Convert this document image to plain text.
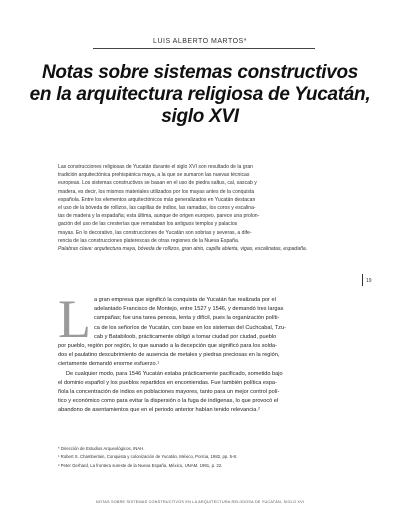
LUIS ALBERTO MARTOS*
Notas sobre sistemas constructivos
en la arquitectura religiosa de Yucatán,
siglo XVI
Las construcciones religiosas de Yucatán durante el siglo XVI son resultado de la gran
tradición arquitectónica prehispánica maya, a la que se sumaron las nuevas técnicas
europeas. Los sistemas constructivos se basan en el uso de piedra saltus, cal, sascab y
madera, es decir, los mismos materiales utilizados por los mayas antes de la conquista
española. Entre los elementos arquitectónicos más generalizados en Yucatán destacan
el uso de la bóveda de rollizos, las capillas de indios, las ramadas, los coros y escalina-
tas de madera y la espadaña; esta última, aunque de origen europeo, parece una prolon-
gación del uso de las cresterías que remataban los antiguos templos y palacios
mayas. En lo decorativo, las construcciones de Yucatán son sobrias y severas, a dife-
rencia de las construcciones platerescas de otras regiones de la Nueva España.
Palabras clave: arquitectura maya, bóveda de rollizos, gran atrio, capilla abierta, vigas, escalinatas, espadaña.
19
L a gran empresa que significó la conquista de Yucatán fue realizada por el
adelantado Francisco de Montejo, entre 1527 y 1546, y demandó tres largas
campañas; fue una tarea penosa, lenta y difícil, pues la organización políti-
ca de los señoríos de Yucatán, con base en los sistemas del Cuchcabal, Tzu-
cab y Batabiloob, prácticamente obligó a tomar ciudad por ciudad, pueblo
por pueblo, región por región, lo que aunado a la decepción que significó para los solda-
dos el paulatino descubrimiento de ausencia de metales y piedras preciosas en la región,
ciertamente demandó enorme esfuerzo.¹
De cualquier modo, para 1546 Yucatán estaba prácticamente pacificado, sometido bajo
el dominio español y los pueblos repartidos en encomiendas. Fue también política espa-
ñola la concentración de indios en poblaciones mayores, tanto para un mejor control polí-
tico y económico como para evitar la dispersión o la fuga de indígenas, lo que provocó el
abandono de asentamientos que en el periodo anterior habían tenido relevancia.²
* Dirección de Estudios Arqueológicos, INAH.
¹ Robert S. Chamberlain, Conquista y colonización de Yucatán, México, Porrúa, 1982, pp. 5-8.
² Peter Gerhard, La frontera sureste de la Nueva España, México, UNAM, 1991, p. 22.
NOTAS SOBRE SISTEMAS CONSTRUCTIVOS EN LA ARQUITECTURA RELIGIOSA DE YUCATÁN, SIGLO XVI
